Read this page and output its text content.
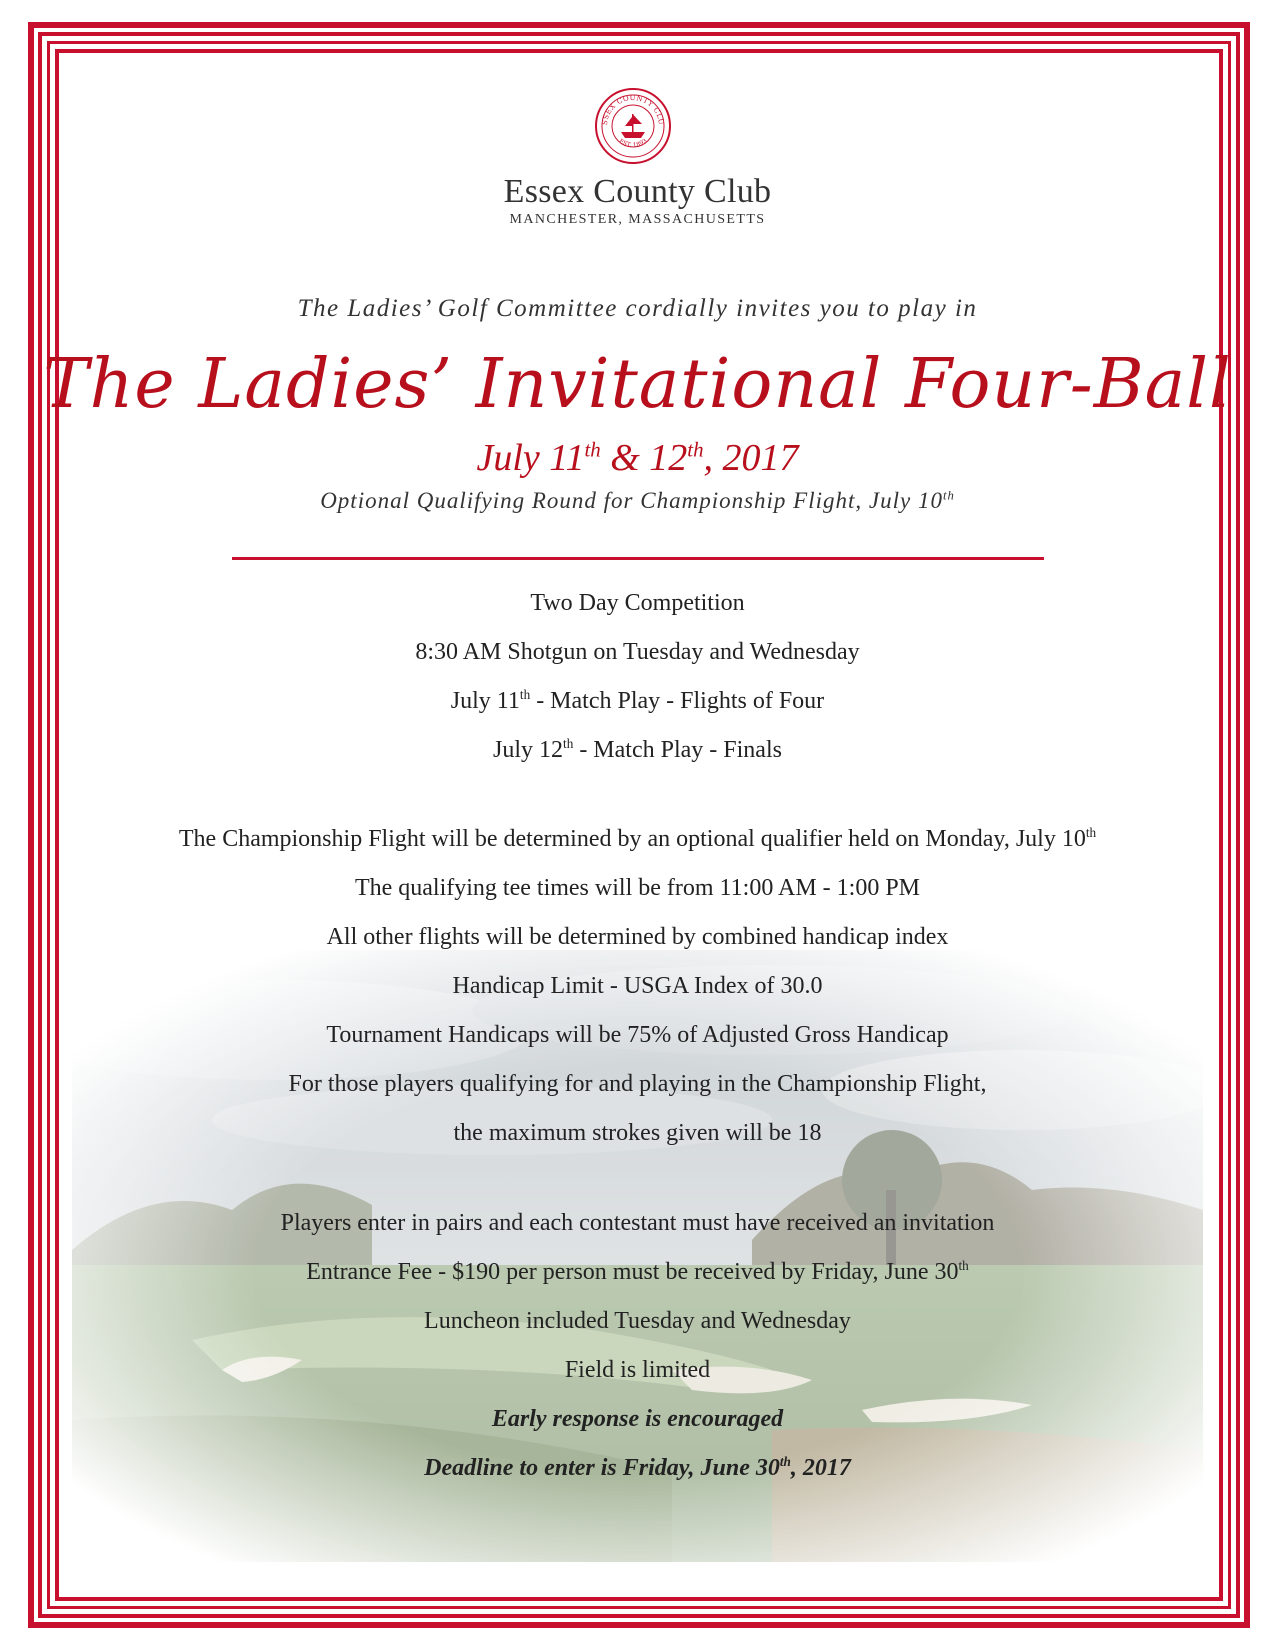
SSEX COUNTY CLU
EST. 1893
Essex County Club
MANCHESTER, MASSACHUSETTS
The Ladies’ Golf Committee cordially invites you to play in
The Ladies’ Invitational Four-Ball
July 11th & 12th, 2017
Optional Qualifying Round for Championship Flight, July 10th
Two Day Competition
8:30 AM Shotgun on Tuesday and Wednesday
July 11th - Match Play - Flights of Four
July 12th - Match Play - Finals
The Championship Flight will be determined by an optional qualifier held on Monday, July 10th
The qualifying tee times will be from 11:00 AM - 1:00 PM
All other flights will be determined by combined handicap index
Handicap Limit - USGA Index of 30.0
Tournament Handicaps will be 75% of Adjusted Gross Handicap
For those players qualifying for and playing in the Championship Flight,
the maximum strokes given will be 18
Players enter in pairs and each contestant must have received an invitation
Entrance Fee - $190 per person must be received by Friday, June 30th
Luncheon included Tuesday and Wednesday
Field is limited
Early response is encouraged
Deadline to enter is Friday, June 30th, 2017
